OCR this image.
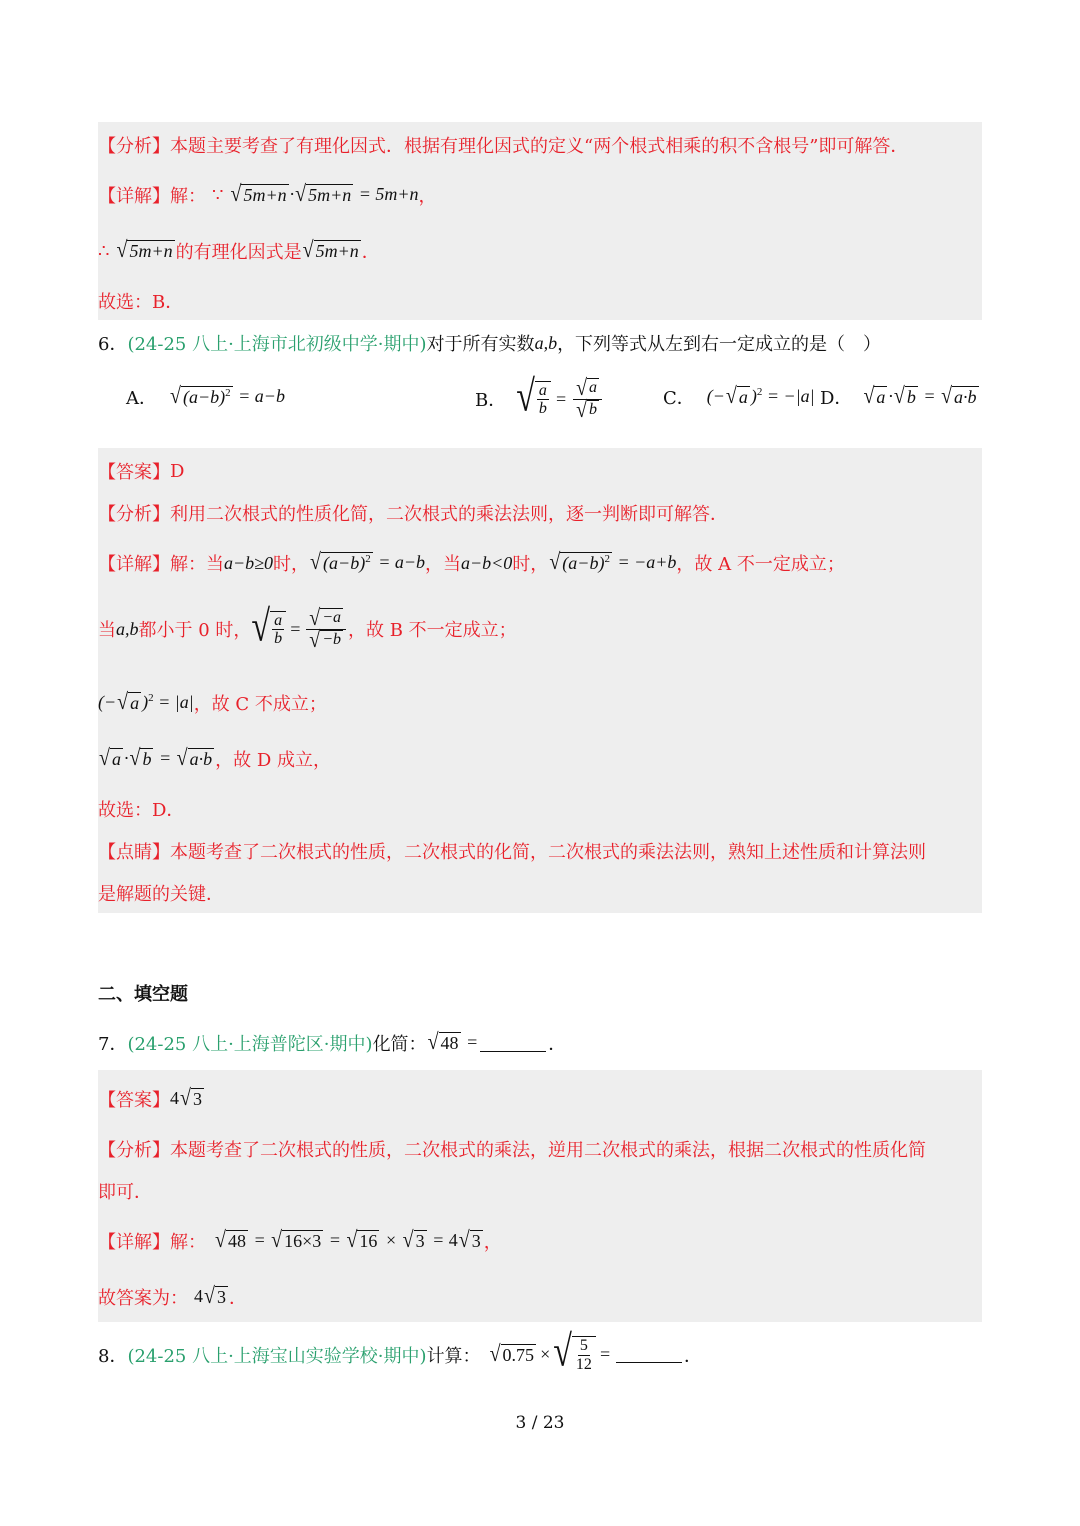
【分析】 本题主要考查了有理化因式．根据有理化因式的定义“两个根式相乘的积不含根号”即可解答．
【详解】 解： ∵ √ 5m+n · √ 5m+n = 5m+n ，
∴ √ 5m+n 的有理化因式是 √ 5m+n ．
故选：B．
6． (24-25 八上·上海市北初级中学·期中) 对于所有实数 a,b ，下列等式从左到右一定成立的是（　）
A． √ $(a-b)^2 = a-b$	B． √ $\frac{a}{b} = \frac{√ a}{√ b}$	C． (− √ a )$^2$ = −|a| D． √ a · √ b = √ a·b
【答案】 D
【分析】 利用二次根式的性质化简，二次根式的乘法法则，逐一判断即可解答．
【详解】 解：当 a−b≥0 时， √ $(a-b)^2 = a-b$ ，当 a−b<0 时， √ $(a-b)^2 = -a+b$ ，故 A 不一定成立；
当 a,b 都小于 0 时， √ $\frac{a}{b} = \frac{√ -a}{√ -b}$ ，故 B 不一定成立；
(− √ a )$^2$ = |a| ，故 C 不成立；
√ a · √ b = √ a·b ，故 D 成立，
故选：D．
【点睛】 本题考查了二次根式的性质，二次根式的化简，二次根式的乘法法则，熟知上述性质和计算法则
是解题的关键．
二、填空题
7． (24-25 八上·上海普陀区·期中) 化简： √ 48 =	．
【答案】 4 √ 3
【分析】 本题考查了二次根式的性质，二次根式的乘法，逆用二次根式的乘法，根据二次根式的性质化简
即可．
【详解】 解： √ 48 = √ 16×3 = √ 16 × √ 3 = 4 √ 3 ，
故答案为： 4 √ 3 ．
8． (24-25 八上·上海宝山实验学校·期中) 计算： √ 0.75 × √ $\frac{5}{12}$ =	．
3 / 23
